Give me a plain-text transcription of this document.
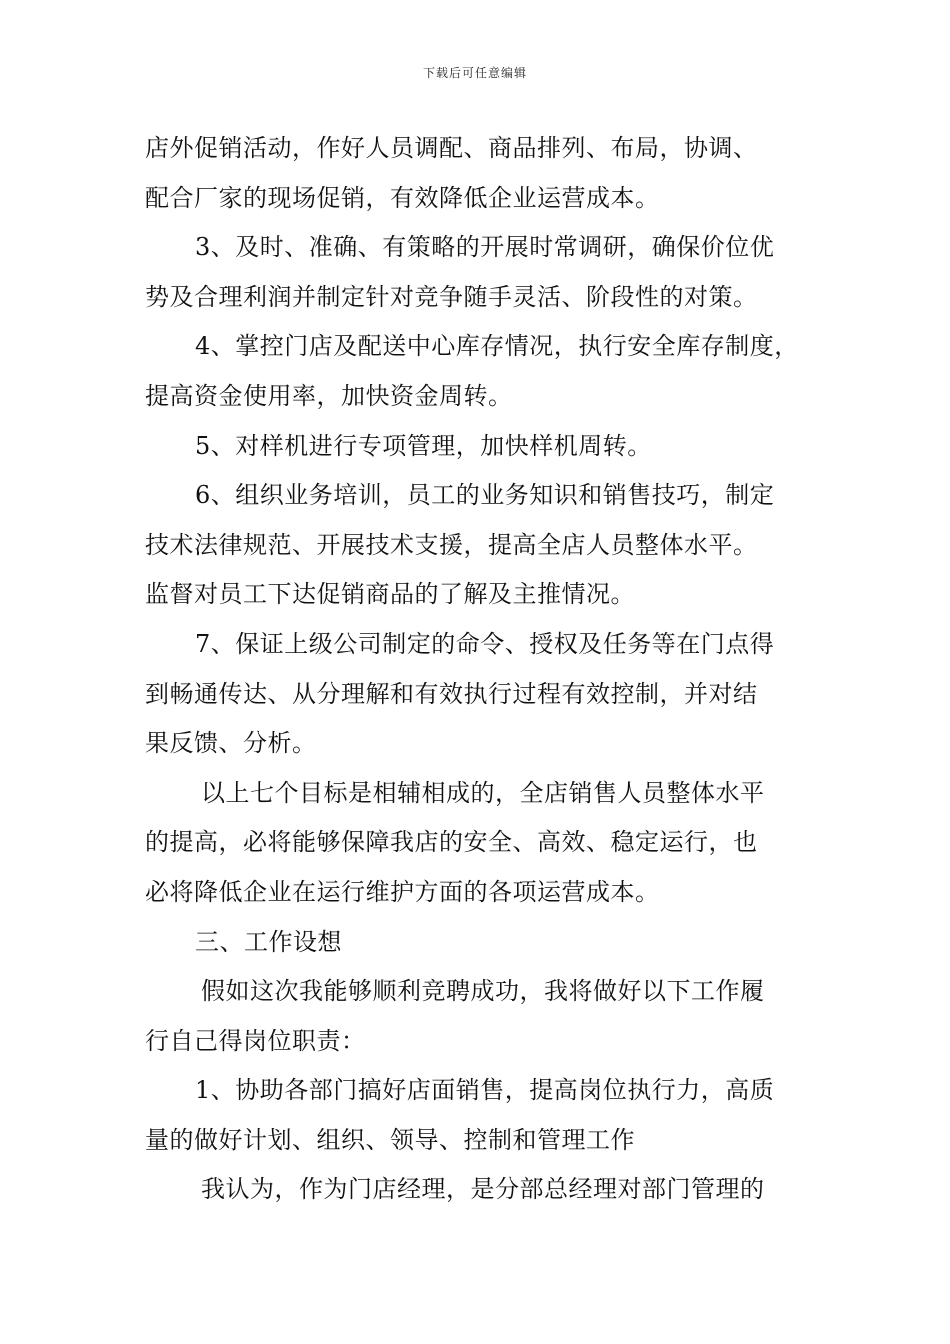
下载后可任意编辑
店外促销活动，作好人员调配、商品排列、布局，协调、
配合厂家的现场促销，有效降低企业运营成本。
3、及时、准确、有策略的开展时常调研，确保价位优
势及合理利润并制定针对竞争随手灵活、阶段性的对策。
4、掌控门店及配送中心库存情况，执行安全库存制度，
提高资金使用率，加快资金周转。
5、对样机进行专项管理，加快样机周转。
6、组织业务培训，员工的业务知识和销售技巧，制定
技术法律规范、开展技术支援，提高全店人员整体水平。
监督对员工下达促销商品的了解及主推情况。
7、保证上级公司制定的命令、授权及任务等在门点得
到畅通传达、从分理解和有效执行过程有效控制，并对结
果反馈、分析。
以上七个目标是相辅相成的，全店销售人员整体水平
的提高，必将能够保障我店的安全、高效、稳定运行，也
必将降低企业在运行维护方面的各项运营成本。
三、工作设想
假如这次我能够顺利竞聘成功，我将做好以下工作履
行自己得岗位职责：
1、协助各部门搞好店面销售，提高岗位执行力，高质
量的做好计划、组织、领导、控制和管理工作
我认为，作为门店经理，是分部总经理对部门管理的
